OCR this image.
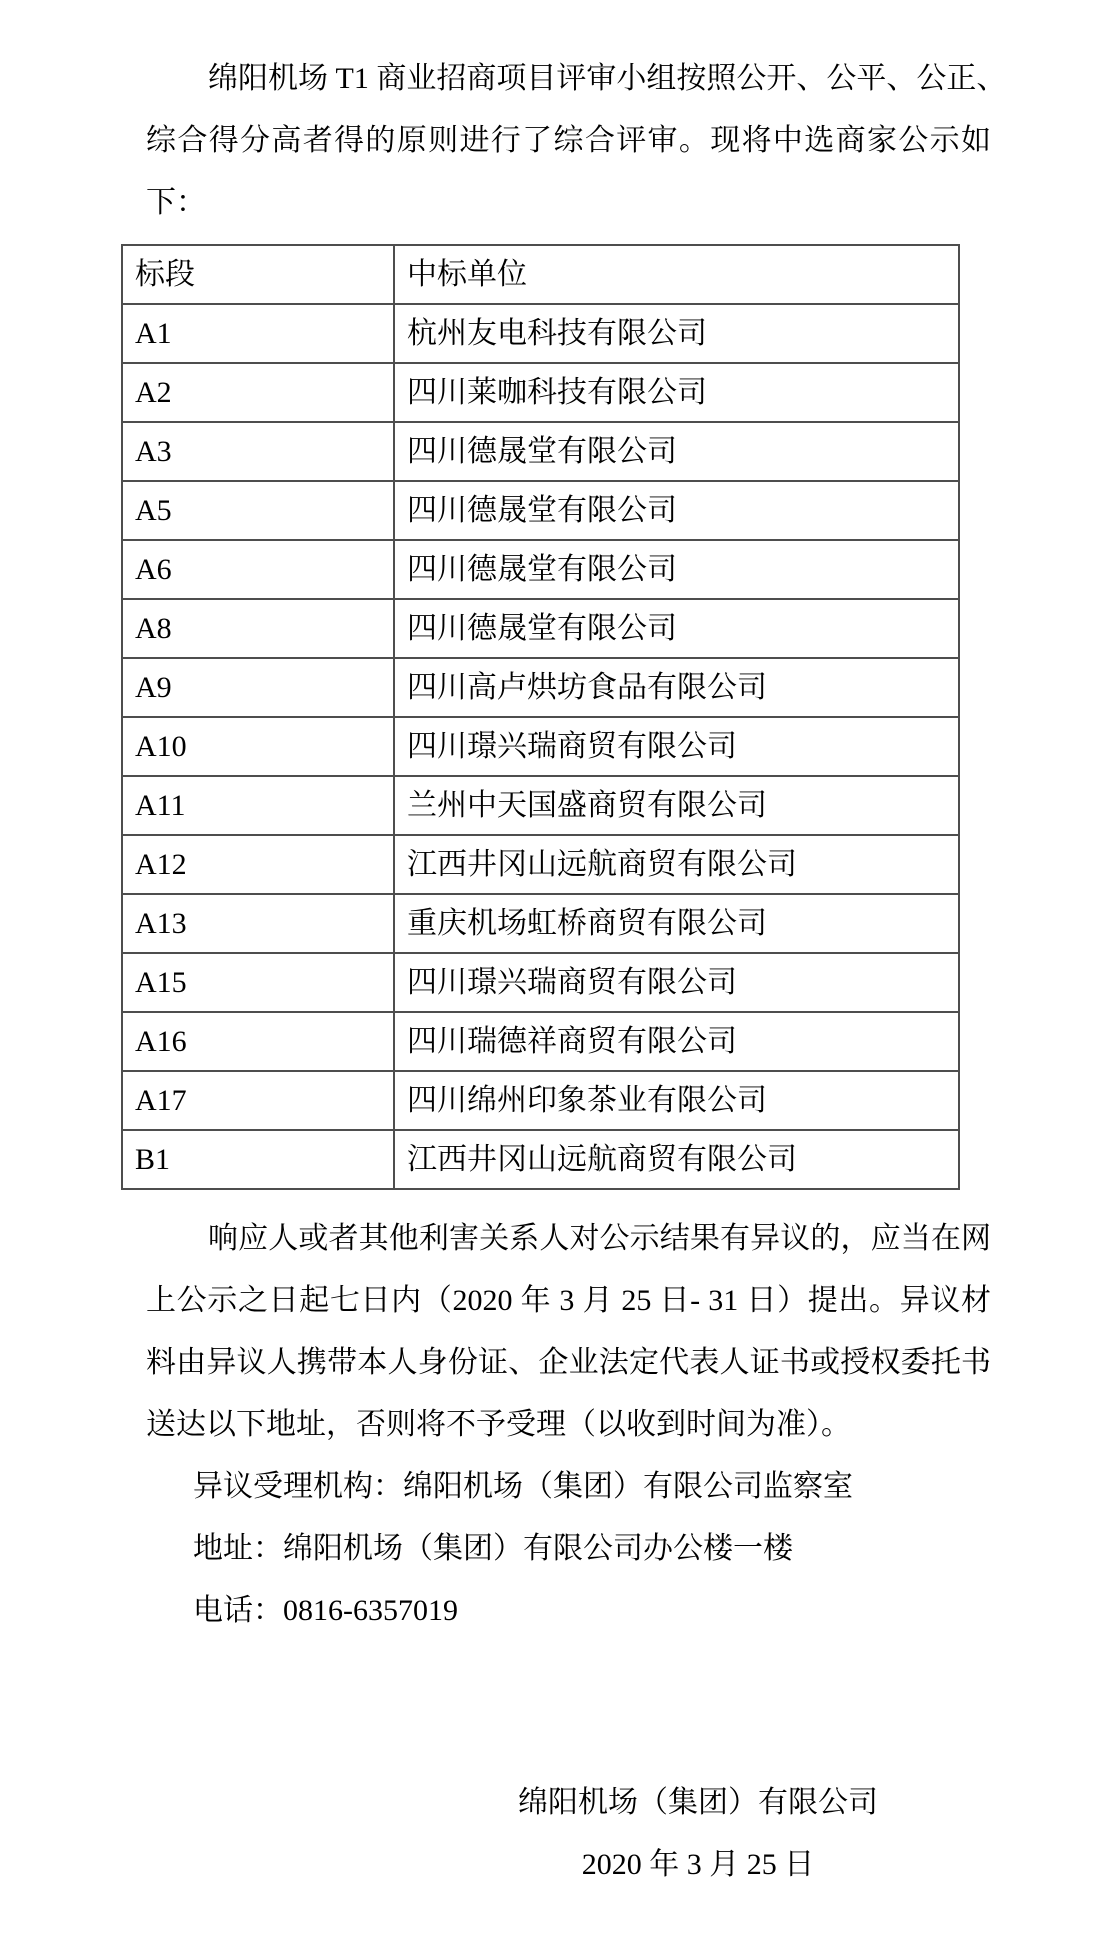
绵阳机场 T1 商业招商项目评审小组按照公开、公平、公正、
综合得分高者得的原则进行了综合评审。现将中选商家公示如
下：
标段	中标单位
A1	杭州友电科技有限公司
A2	四川莱咖科技有限公司
A3	四川德晟堂有限公司
A5	四川德晟堂有限公司
A6	四川德晟堂有限公司
A8	四川德晟堂有限公司
A9	四川高卢烘坊食品有限公司
A10	四川璟兴瑞商贸有限公司
A11	兰州中天国盛商贸有限公司
A12	江西井冈山远航商贸有限公司
A13	重庆机场虹桥商贸有限公司
A15	四川璟兴瑞商贸有限公司
A16	四川瑞德祥商贸有限公司
A17	四川绵州印象茶业有限公司
B1	江西井冈山远航商贸有限公司
响应人或者其他利害关系人对公示结果有异议的，应当在网
上公示之日起七日内（2020 年 3 月 25 日- 31 日）提出。异议材
料由异议人携带本人身份证、企业法定代表人证书或授权委托书
送达以下地址，否则将不予受理（以收到时间为准）。
异议受理机构：绵阳机场（集团）有限公司监察室
地址：绵阳机场（集团）有限公司办公楼一楼
电话：0816-6357019
绵阳机场（集团）有限公司
2020 年 3 月 25 日
